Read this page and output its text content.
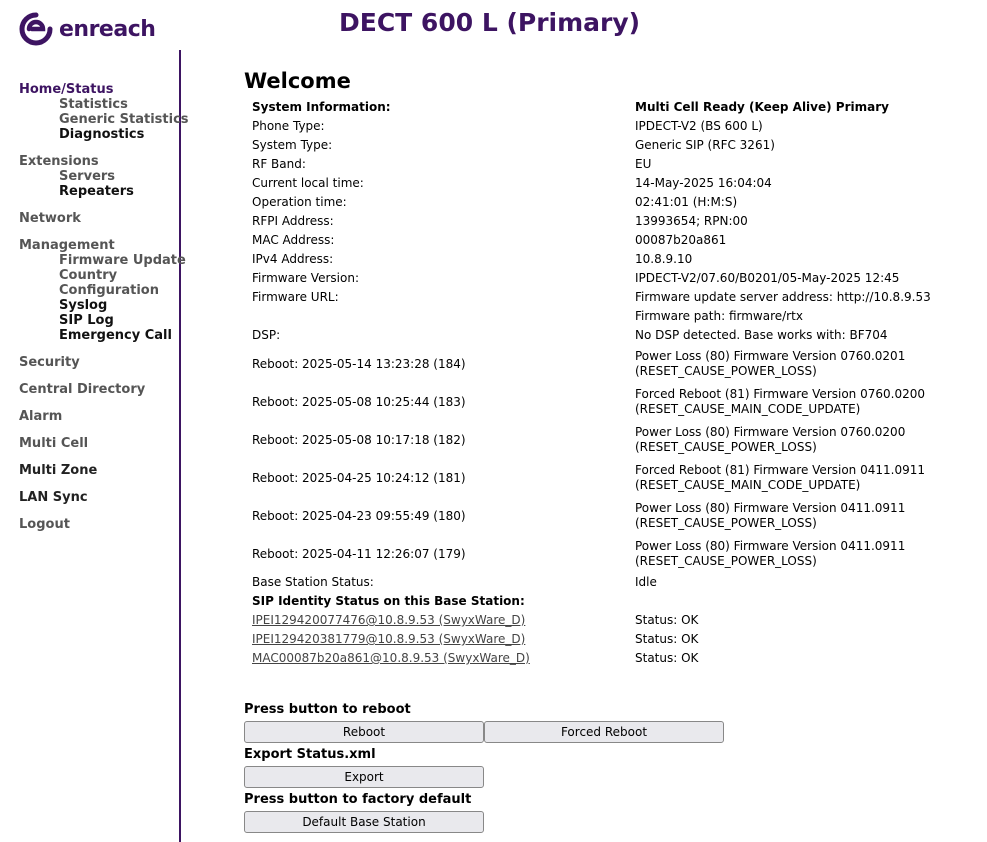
enreach	DECT 600 L (Primary)
Home/Status
Statistics
Generic Statistics
Diagnostics
Extensions
Servers
Repeaters
Network
Management
Firmware Update
Country
Configuration
Syslog
SIP Log
Emergency Call
Security
Central Directory
Alarm
Multi Cell
Multi Zone
LAN Sync
Logout
Welcome
System Information:	Multi Cell Ready (Keep Alive) Primary
Phone Type:	IPDECT-V2 (BS 600 L)
System Type:	Generic SIP (RFC 3261)
RF Band:	EU
Current local time:	14-May-2025 16:04:04
Operation time:	02:41:01 (H:M:S)
RFPI Address:	13993654; RPN:00
MAC Address:	00087b20a861
IPv4 Address:	10.8.9.10
Firmware Version:	IPDECT-V2/07.60/B0201/05-May-2025 12:45
Firmware URL:	Firmware update server address: http://10.8.9.53
	Firmware path: firmware/rtx
DSP:	No DSP detected. Base works with: BF704
Reboot: 2025-05-14 13:23:28 (184)	Power Loss (80) Firmware Version 0760.0201
(RESET_CAUSE_POWER_LOSS)
Reboot: 2025-05-08 10:25:44 (183)	Forced Reboot (81) Firmware Version 0760.0200
(RESET_CAUSE_MAIN_CODE_UPDATE)
Reboot: 2025-05-08 10:17:18 (182)	Power Loss (80) Firmware Version 0760.0200
(RESET_CAUSE_POWER_LOSS)
Reboot: 2025-04-25 10:24:12 (181)	Forced Reboot (81) Firmware Version 0411.0911
(RESET_CAUSE_MAIN_CODE_UPDATE)
Reboot: 2025-04-23 09:55:49 (180)	Power Loss (80) Firmware Version 0411.0911
(RESET_CAUSE_POWER_LOSS)
Reboot: 2025-04-11 12:26:07 (179)	Power Loss (80) Firmware Version 0411.0911
(RESET_CAUSE_POWER_LOSS)
Base Station Status:	Idle
SIP Identity Status on this Base Station:	
IPEI129420077476@10.8.9.53 (SwyxWare_D)	Status: OK
IPEI129420381779@10.8.9.53 (SwyxWare_D)	Status: OK
MAC00087b20a861@10.8.9.53 (SwyxWare_D)	Status: OK
Press button to reboot
Reboot	Forced Reboot
Export Status.xml
Export
Press button to factory default
Default Base Station
